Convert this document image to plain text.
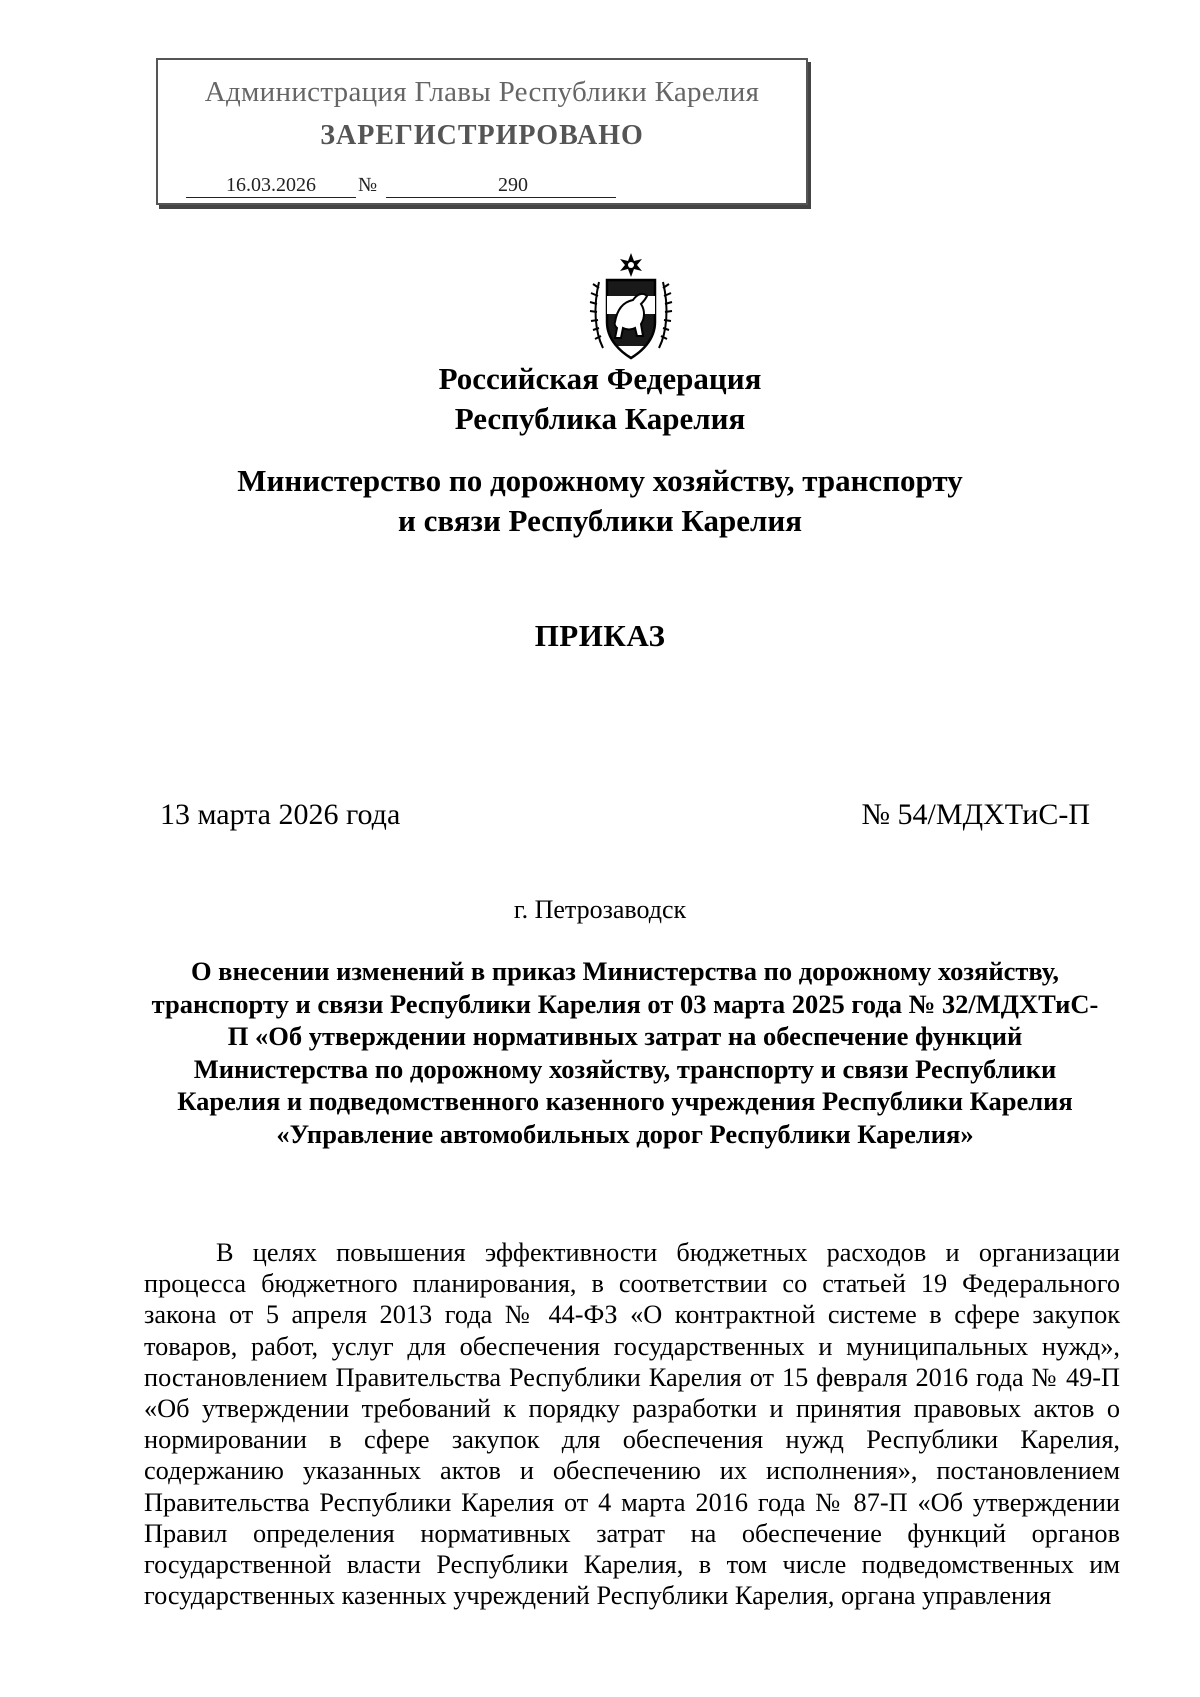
Администрация Главы Республики Карелия
ЗАРЕГИСТРИРОВАНО
16.03.2026	№	290
Российская Федерация
Республика Карелия
Министерство по дорожному хозяйству, транспорту
и связи Республики Карелия
ПРИКАЗ
13 марта 2026 года	№ 54/МДХТиС-П
г. Петрозаводск
О внесении изменений в приказ Министерства по дорожному хозяйству, транспорту и связи Республики Карелия от 03 марта 2025 года № 32/МДХТиС-П «Об утверждении нормативных затрат на обеспечение функций Министерства по дорожному хозяйству, транспорту и связи Республики Карелия и подведомственного казенного учреждения Республики Карелия «Управление автомобильных дорог Республики Карелия»

В целях повышения эффективности бюджетных расходов и организации процесса бюджетного планирования, в соответствии со статьей 19 Федерального закона от 5 апреля 2013 года № 44-ФЗ «О контрактной системе в сфере закупок товаров, работ, услуг для обеспечения государственных и муниципальных нужд», постановлением Правительства Республики Карелия от 15 февраля 2016 года № 49-П «Об утверждении требований к порядку разработки и принятия правовых актов о нормировании в сфере закупок для обеспечения нужд Республики Карелия, содержанию указанных актов и обеспечению их исполнения», постановлением Правительства Республики Карелия от 4 марта 2016 года № 87-П «Об утверждении Правил определения нормативных затрат на обеспечение функций органов государственной власти Республики Карелия, в том числе подведомственных им государственных казенных учреждений Республики Карелия, органа управления
